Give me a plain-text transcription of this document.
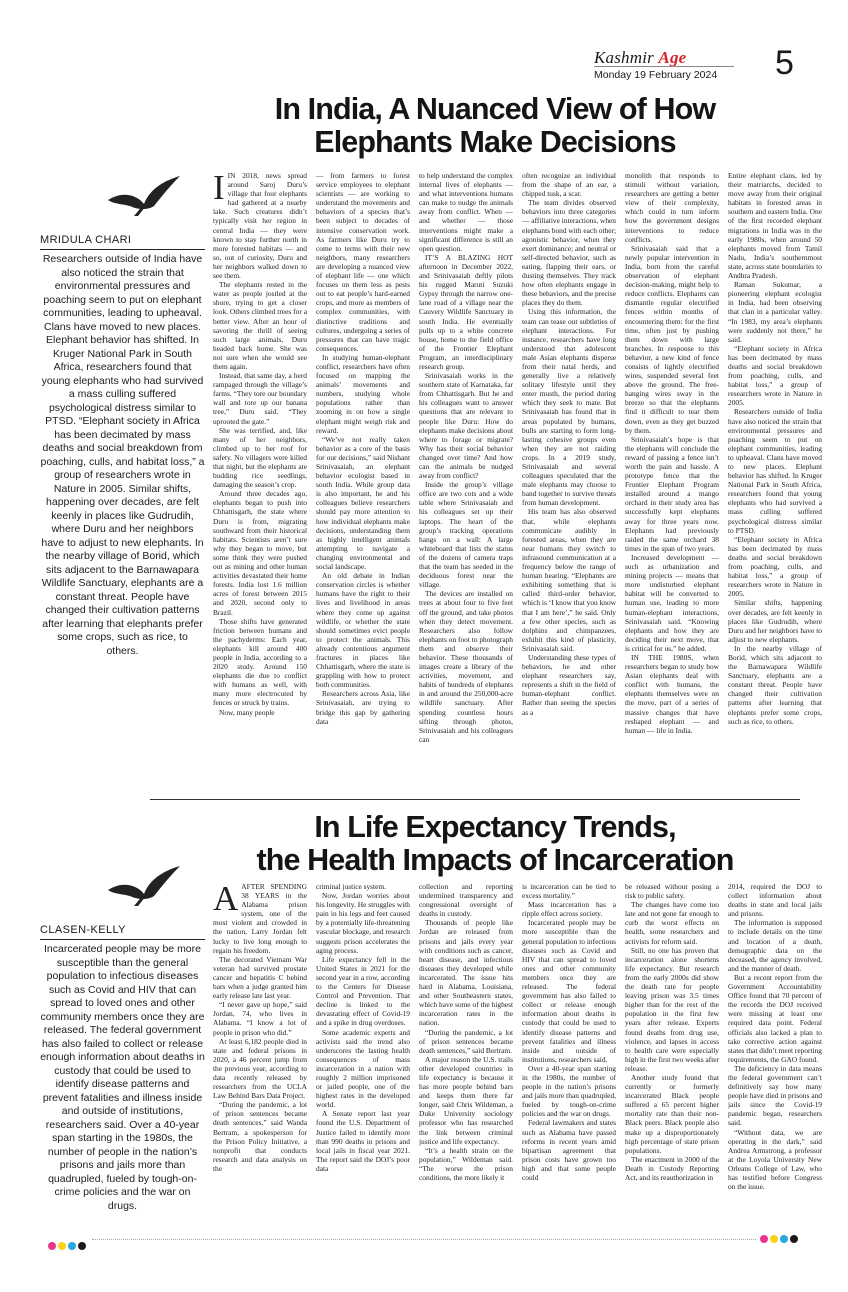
Kashmir Age
Monday 19 February 2024 5
In India, A Nuanced View of How
Elephants Make Decisions
MRIDULA CHARI
Researchers outside of India have also noticed the strain that environmental pressures and poaching seem to put on elephant communities, leading to upheaval. Clans have moved to new places. Elephant behavior has shifted. In Kruger National Park in South Africa, researchers found that young elephants who had survived a mass culling suffered psychological distress similar to PTSD. “Elephant society in Africa has been decimated by mass deaths and social breakdown from poaching, culls, and habitat loss,” a group of researchers wrote in Nature in 2005. Similar shifts, happening over decades, are felt keenly in places like Gudrudih, where Duru and her neighbors have to adjust to new elephants. In the nearby village of Borid, which sits adjacent to the Barnawapara Wildlife Sanctuary, elephants are a constant threat. People have changed their cultivation patterns after learning that elephants prefer some crops, such as rice, to others.

IIN 2018, news spread around Saroj Duru’s village that four elephants had gathered at a nearby lake. Such creatures didn’t typically visit her region in central India — they were known to stay further north in more forested habitats — and so, out of curiosity, Duru and her neighbors walked down to see them.

The elephants rested in the water as people jostled at the shore, trying to get a closer look. Others climbed trees for a better view. After an hour of savoring the thrill of seeing such large animals, Duru headed back home. She was not sure when she would see them again.

Instead, that same day, a herd rampaged through the village’s farms. “They tore our boundary wall and tore up our banana tree,” Duru said. “They uprooted the gate.”

She was terrified, and, like many of her neighbors, climbed up to her roof for safety. No villagers were killed that night, but the elephants ate budding rice seedlings, damaging the season’s crop.

Around three decades ago, elephants began to push into Chhattisgarh, the state where Duru is from, migrating southward from their historical habitats. Scientists aren’t sure why they began to move, but some think they were pushed out as mining and other human activities devastated their home forests. India lost 1.6 million acres of forest between 2015 and 2020, second only to Brazil.

Those shifts have generated friction between humans and the pachyderms: Each year, elephants kill around 400 people in India, according to a 2020 study. Around 150 elephants die due to conflict with humans as well, with many more electrocuted by fences or struck by trains.

Now, many people

— from farmers to forest service employees to elephant scientists — are working to understand the movements and behaviors of a species that’s been subject to decades of intensive conservation work. As farmers like Duru try to come to terms with their new neighbors, many researchers are developing a nuanced view of elephant life — one which focuses on them less as pests out to eat people’s hard-earned crops, and more as members of complex communities, with distinctive traditions and cultures, undergoing a series of pressures that can have tragic consequences.

In studying human-elephant conflict, researchers have often focused on mapping the animals’ movements and numbers, studying whole populations rather than zooming in on how a single elephant might weigh risk and reward.

“We’ve not really taken behavior as a core of the basis for our decisions,” said Nishant Srinivasaiah, an elephant behavior ecologist based in south India. While group data is also important, he and his colleagues believe researchers should pay more attention to how individual elephants make decisions, understanding them as highly intelligent animals attempting to navigate a changing environmental and social landscape.

An old debate in Indian conservation circles is whether humans have the right to their lives and livelihood in areas where they come up against wildlife, or whether the state should sometimes evict people to protect the animals. This already contentious argument fractures in places like Chhattisgarh, where the state is grappling with how to protect both communities.

Researchers across Asia, like Srinivasaiah, are trying to bridge this gap by gathering data

to help understand the complex internal lives of elephants — and what interventions humans can make to nudge the animals away from conflict. When — and whether — those interventions might make a significant difference is still an open question.

IT’S A BLAZING HOT afternoon in December 2022, and Srinivasaiah deftly pilots his rugged Maruti Suzuki Gypsy through the narrow one-lane road of a village near the Cauvery Wildlife Sanctuary in south India. He eventually pulls up to a white concrete house, home to the field office of the Frontier Elephant Program, an interdisciplinary research group.

Srinivasaiah works in the southern state of Karnataka, far from Chhattisgarh. But he and his colleagues want to answer questions that are relevant to people like Duru: How do elephants make decisions about where to forage or migrate? Why has their social behavior changed over time? And how can the animals be nudged away from conflict?

Inside the group’s village office are two cots and a wide table where Srinivasaiah and his colleagues set up their laptops. The heart of the group’s tracking operations hangs on a wall: A large whiteboard that lists the status of the dozens of camera traps that the team has seeded in the deciduous forest near the village.

The devices are installed on trees at about four to five feet off the ground, and take photos when they detect movement. Researchers also follow elephants on foot to photograph them and observe their behavior. These thousands of images create a library of the activities, movement, and habits of hundreds of elephants in and around the 250,000-acre wildlife sanctuary. After spending countless hours sifting through photos, Srinivasaiah and his colleagues can

often recognize an individual from the shape of an ear, a chipped tusk, a scar.

The team divides observed behaviors into three categories — affiliative interactions, when elephants bond with each other; agonistic behavior, when they exert dominance; and neutral or self-directed behavior, such as eating, flapping their ears, or dusting themselves. They track how often elephants engage in these behaviors, and the precise places they do them.

Using this information, the team can tease out subtleties of elephant interactions. For instance, researchers have long understood that adolescent male Asian elephants disperse from their natal herds, and generally live a relatively solitary lifestyle until they enter musth, the period during which they seek to mate. But Srinivasaiah has found that in areas populated by humans, bulls are starting to form long-lasting cohesive groups even when they are not raiding crops. In a 2019 study, Srinivasaiah and several colleagues speculated that the male elephants may choose to band together to survive threats from human development.

His team has also observed that, while elephants communicate audibly in forested areas, when they are near humans they switch to infrasound communication at a frequency below the range of human hearing. “Elephants are exhibiting something that is called third-order behavior, which is ‘I know that you know that I am here’,” he said. Only a few other species, such as dolphins and chimpanzees, exhibit this kind of plasticity, Srinivasaiah said.

Understanding these types of behaviors, he and other elephant researchers say, represents a shift in the field of human-elephant conflict. Rather than seeing the species as a

monolith that responds to stimuli without variation, researchers are getting a better view of their complexity, which could in turn inform how the government designs interventions to reduce conflicts.

Srinivasaiah said that a newly popular intervention in India, born from the careful observation of elephant decision-making, might help to reduce conflicts. Elephants can dismantle regular electrified fences within months of encountering them: for the first time, often just by pushing them down with large branches. In response to this behavior, a new kind of fence consists of lightly electrified wires, suspended several feet above the ground. The free-hanging wires sway in the breeze so that the elephants find it difficult to tear them down, even as they get buzzed by them.

Srinivasaiah’s hope is that the elephants will conclude the reward of passing a fence isn’t worth the pain and hassle. A prototype fence that the Frontier Elephant Program installed around a mango orchard in their study area has successfully kept elephants away for three years now. Elephants had previously raided the same orchard 38 times in the span of two years.

Increased development — such as urbanization and mining projects — means that more undisturbed elephant habitat will be converted to human use, leading to more human-elephant interactions, Srinivasaiah said. “Knowing elephants and how they are deciding their next move, that is critical for us,” he added.

IN THE 1980S, when researchers began to study how Asian elephants deal with conflict with humans, the elephants themselves were on the move, part of a series of massive changes that have reshaped elephant — and human — life in India.

Entire elephant clans, led by their matriarchs, decided to move away from their original habitats in forested areas in southern and eastern India. One of the first recorded elephant migrations in India was in the early 1980s, when around 50 elephants moved from Tamil Nadu, India’s southernmost state, across state boundaries to Andhra Pradesh.

Raman Sukumar, a pioneering elephant ecologist in India, had been observing that clan in a particular valley. “In 1983, my area’s elephants were suddenly not there,” he said.

“Elephant society in Africa has been decimated by mass deaths and social breakdown from poaching, culls, and habitat loss,” a group of researchers wrote in Nature in 2005.

Researchers outside of India have also noticed the strain that environmental pressures and poaching seem to put on elephant communities, leading to upheaval. Clans have moved to new places. Elephant behavior has shifted. In Kruger National Park in South Africa, researchers found that young elephants who had survived a mass culling suffered psychological distress similar to PTSD.

“Elephant society in Africa has been decimated by mass deaths and social breakdown from poaching, culls, and habitat loss,” a group of researchers wrote in Nature in 2005.

Similar shifts, happening over decades, are felt keenly in places like Gudrudih, where Duru and her neighbors have to adjust to new elephants.

In the nearby village of Borid, which sits adjacent to the Barnawapara Wildlife Sanctuary, elephants are a constant threat. People have changed their cultivation patterns after learning that elephants prefer some crops, such as rice, to others.

In Life Expectancy Trends,
the Health Impacts of Incarceration
CLASEN-KELLY
Incarcerated people may be more susceptible than the general population to infectious diseases such as Covid and HIV that can spread to loved ones and other community members once they are released. The federal government has also failed to collect or release enough information about deaths in custody that could be used to identify disease patterns and prevent fatalities and illness inside and outside of institutions, researchers said. Over a 40-year span starting in the 1980s, the number of people in the nation’s prisons and jails more than quadrupled, fueled by tough-on-crime policies and the war on drugs.

AAFTER SPENDING 38 YEARS in the Alabama prison system, one of the most violent and crowded in the nation, Larry Jordan felt lucky to live long enough to regain his freedom.

The decorated Vietnam War veteran had survived prostate cancer and hepatitis C behind bars when a judge granted him early release late last year.

“I never gave up hope,” said Jordan, 74, who lives in Alabama. “I know a lot of people in prison who did.”

At least 6,182 people died in state and federal prisons in 2020, a 46 percent jump from the previous year, according to data recently released by researchers from the UCLA Law Behind Bars Data Project.

“During the pandemic, a lot of prison sentences became death sentences,” said Wanda Bertram, a spokesperson for the Prison Policy Initiative, a nonprofit that conducts research and data analysis on the

criminal justice system.

Now, Jordan worries about his longevity. He struggles with pain in his legs and feet caused by a potentially life-threatening vascular blockage, and research suggests prison accelerates the aging process.

Life expectancy fell in the United States in 2021 for the second year in a row, according to the Centers for Disease Control and Prevention. That decline is linked to the devastating effect of Covid-19 and a spike in drug overdoses.

Some academic experts and activists said the trend also underscores the lasting health consequences of mass incarceration in a nation with roughly 2 million imprisoned or jailed people, one of the highest rates in the developed world.

A Senate report last year found the U.S. Department of Justice failed to identify more than 990 deaths in prisons and local jails in fiscal year 2021. The report said the DOJ’s poor data

collection and reporting undermined transparency and congressional oversight of deaths in custody.

Thousands of people like Jordan are released from prisons and jails every year with conditions such as cancer, heart disease, and infectious diseases they developed while incarcerated. The issue hits hard in Alabama, Louisiana, and other Southeastern states, which have some of the highest incarceration rates in the nation.

“During the pandemic, a lot of prison sentences became death sentences,” said Bertram.

A major reason the U.S. trails other developed countries in life expectancy is because it has more people behind bars and keeps them there far longer, said Chris Wildeman, a Duke University sociology professor who has researched the link between criminal justice and life expectancy.

“It’s a health strain on the population,” Wildeman said. “The worse the prison conditions, the more likely it

is incarceration can be tied to excess mortality.”

Mass incarceration has a ripple effect across society.

Incarcerated people may be more susceptible than the general population to infectious diseases such as Covid and HIV that can spread to loved ones and other community members once they are released. The federal government has also failed to collect or release enough information about deaths in custody that could be used to identify disease patterns and prevent fatalities and illness inside and outside of institutions, researchers said.

Over a 40-year span starting in the 1980s, the number of people in the nation’s prisons and jails more than quadrupled, fueled by tough-on-crime policies and the war on drugs.

Federal lawmakers and states such as Alabama have passed reforms in recent years amid bipartisan agreement that prison costs have grown too high and that some people could

be released without posing a risk to public safety.

The changes have come too late and not gone far enough to curb the worst effects on health, some researchers and activists for reform said.

Still, no one has proven that incarceration alone shortens life expectancy. But research from the early 2000s did show the death rate for people leaving prison was 3.5 times higher than for the rest of the population in the first few years after release. Experts found deaths from drug use, violence, and lapses in access to health care were especially high in the first two weeks after release.

Another study found that currently or formerly incarcerated Black people suffered a 65 percent higher mortality rate than their non-Black peers. Black people also make up a disproportionately high percentage of state prison populations.

The enactment in 2000 of the Death in Custody Reporting Act, and its reauthorization in

2014, required the DOJ to collect information about deaths in state and local jails and prisons.

The information is supposed to include details on the time and location of a death, demographic data on the deceased, the agency involved, and the manner of death.

But a recent report from the Government Accountability Office found that 70 percent of the records the DOJ received were missing at least one required data point. Federal officials also lacked a plan to take corrective action against states that didn’t meet reporting requirements, the GAO found.

The deficiency in data means the federal government can’t definitively say how many people have died in prisons and jails since the Covid-19 pandemic began, researchers said.

“Without data, we are operating in the dark,” said Andrea Armstrong, a professor at the Loyola University New Orleans College of Law, who has testified before Congress on the issue.
